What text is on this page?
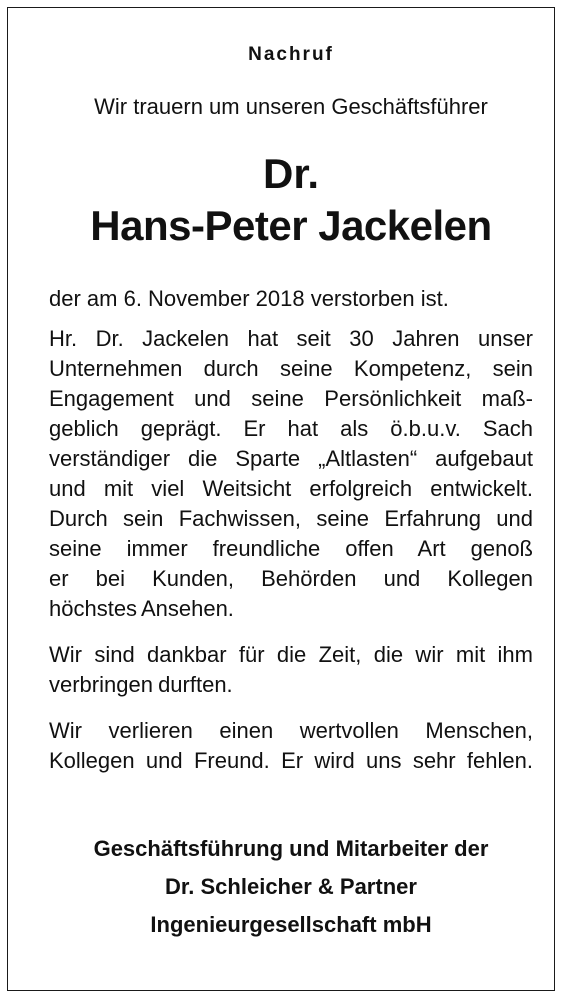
Nachruf
Wir trauern um unseren Geschäftsführer
Dr.
Hans-Peter Jackelen
der am 6. November 2018 verstorben ist.
Hr. Dr. Jackelen hat seit 30 Jahren unser
Unternehmen durch seine Kompetenz, sein
Engagement und seine Persönlichkeit maß-
geblich geprägt. Er hat als ö.b.u.v. Sach
verständiger die Sparte „Altlasten“ aufgebaut
und mit viel Weitsicht erfolgreich entwickelt.
Durch sein Fachwissen, seine Erfahrung und
seine immer freundliche offen Art genoß
er bei Kunden, Behörden und Kollegen
höchstes Ansehen.
Wir sind dankbar für die Zeit, die wir mit ihm
verbringen durften.
Wir verlieren einen wertvollen Menschen,
Kollegen und Freund. Er wird uns sehr fehlen.
Geschäftsführung und Mitarbeiter der
Dr. Schleicher & Partner
Ingenieurgesellschaft mbH
